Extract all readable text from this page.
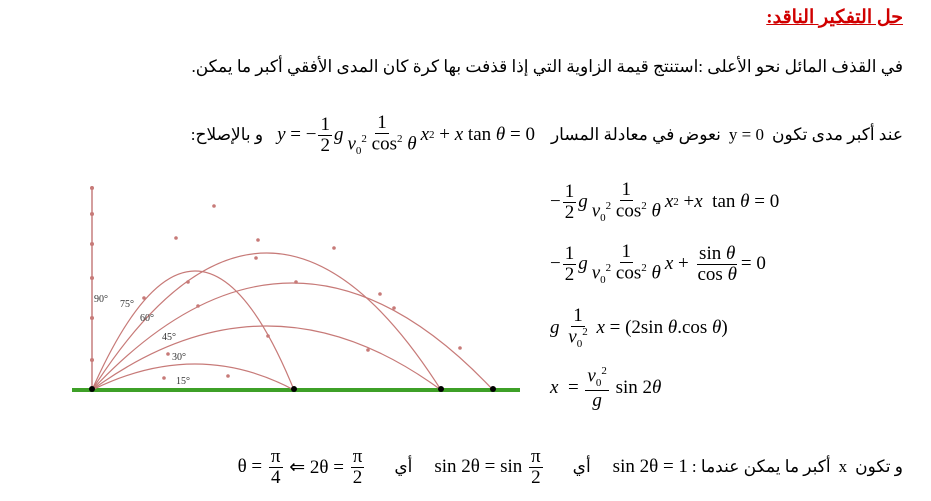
حل التفكير الناقد:
في القذف المائل نحو الأعلى :استنتج قيمة الزاوية التي إذا قذفت بها كرة كان المدى الأفقي أكبر ما يمكن.
y = − $\frac{1}{2}$ g $\frac{1}{v_0^2 \cos^2 \theta}$ x 2 + x tan θ = 0 نعوض في معادلة المسار y = 0 عند أكبر مدى تكون
و بالإصلاح:
90° 75°
60°
45°
30°
15°
− $\frac{1}{2}$ g $\frac{1}{v_0^2 \cos^2 \theta}$ x 2 + x tan θ = 0
− $\frac{1}{2}$ g $\frac{1}{v_0^2 \cos^2 \theta}$ $x + \frac{\text{sin θ}}{\text{cos θ}} = 0$
g
$\frac{1}{v_0^2}$
x = (2sin θ .cos θ )
$x = \frac{v_0^2}{g}$ sin 2 θ
$\theta = \frac{\pi}{4}$ ⇐ $2\theta = \frac{\pi}{2}$ أي $\sin 2\theta = \sin \frac{\pi}{2}$ أي sin 2θ = 1 أكبر ما يمكن عندما : x و تكون
